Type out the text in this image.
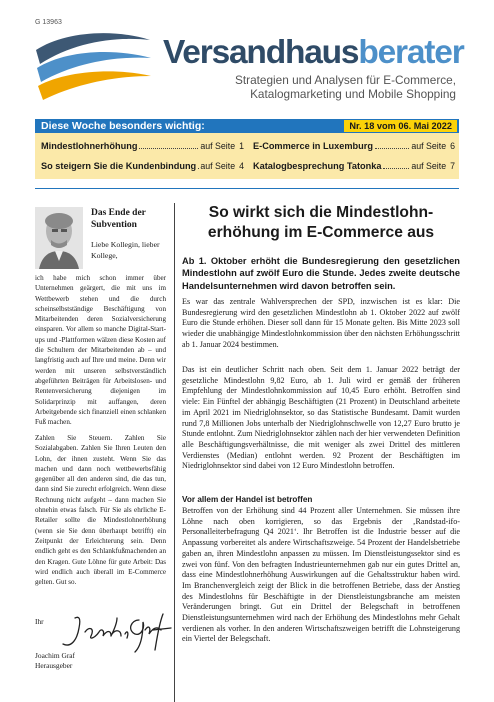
G 13963
Versandhausberater
Strategien und Analysen für E-Commerce,
Katalogmarketing und Mobile Shopping
Diese Woche besonders wichtig:	Nr. 18 vom 06. Mai 2022
Mindestlohnerhöhung	auf Seite 1 E-Commerce in Luxemburg	auf Seite 6
So steigern Sie die Kundenbindung auf Seite 4 Katalogbesprechung Tatonka	auf Seite 7
Das Ende der Subvention
Liebe Kollegin, lieber Kollege,

ich habe mich schon immer über Unternehmen geärgert, die mit uns im Wettbewerb stehen und die durch scheinselbstständige Beschäftigung von Mitarbeitenden deren Sozialversicherung einsparen. Vor allem so manche Digital-Start-ups und -Plattformen wälzen diese Kosten auf die Schultern der Mitarbeitenden ab – und langfristig auch auf Ihre und meine. Denn wir werden mit unseren selbstverständlich abgeführten Beiträgen für Arbeitslosen- und Rentenversicherung diejenigen im Solidarprinzip mit auffangen, deren Arbeitgebende sich finanziell einen schlanken Fuß machen.

Zahlen Sie Steuern. Zahlen Sie Sozialabgaben. Zahlen Sie Ihren Leuten den Lohn, der ihnen zusteht. Wenn Sie das machen und dann noch wettbewerbsfähig gegenüber all den anderen sind, die das tun, dann sind Sie zurecht erfolgreich. Wenn diese Rechnung nicht aufgeht – dann machen Sie ohnehin etwas falsch. Für Sie als ehrliche E-Retailer sollte die Mindestlohnerhöhung (wenn sie Sie denn überhaupt betrifft) ein Zeitpunkt der Erleichterung sein. Denn endlich geht es den Schlankfußmachenden an den Kragen. Gute Löhne für gute Arbeit: Das wird endlich auch überall im E-Commerce gelten. Gut so.

Ihr
Joachim Graf
Herausgeber
So wirkt sich die Mindestlohn-
erhöhung im E-Commerce aus

Ab 1. Oktober erhöht die Bundesregierung den gesetzlichen Mindestlohn auf zwölf Euro die Stunde. Jedes zweite deutsche Handelsunternehmen wird davon betroffen sein.

Es war das zentrale Wahlversprechen der SPD, inzwischen ist es klar: Die Bundesregierung wird den gesetzlichen Mindestlohn ab 1. Oktober 2022 auf zwölf Euro die Stunde erhöhen. Dieser soll dann für 15 Monate gelten. Bis Mitte 2023 soll wieder die unabhängige Mindestlohnkommission über den nächsten Erhöhungsschritt ab 1. Januar 2024 bestimmen.

Das ist ein deutlicher Schritt nach oben. Seit dem 1. Januar 2022 beträgt der gesetzliche Mindestlohn 9,82 Euro, ab 1. Juli wird er gemäß der früheren Empfehlung der Mindestlohnkommission auf 10,45 Euro erhöht. Betroffen sind viele: Ein Fünftel der abhängig Beschäftigten (21 Prozent) in Deutschland arbeitete im April 2021 im Niedriglohnsektor, so das Statistische Bundesamt. Damit wurden rund 7,8 Millionen Jobs unterhalb der Niedriglohnschwelle von 12,27 Euro brutto je Stunde entlohnt. Zum Niedriglohnsektor zählen nach der hier verwendeten Definition alle Beschäftigungsverhältnisse, die mit weniger als zwei Drittel des mittleren Verdienstes (Median) entlohnt werden. 92 Prozent der Beschäftigten im Niedriglohnsektor sind dabei von 12 Euro Mindestlohn betroffen.

Vor allem der Handel ist betroffen

Betroffen von der Erhöhung sind 44 Prozent aller Unternehmen. Sie müssen ihre Löhne nach oben korrigieren, so das Ergebnis der ‚Randstad-ifo-Personalleiterbefragung Q4 2021‘. Ihr Betroffen ist die Industrie besser auf die Anpassung vorbereitet als andere Wirtschaftszweige. 54 Prozent der Handelsbetriebe gaben an, ihren Mindestlohn anpassen zu müssen. Im Dienstleistungssektor sind es zwei von fünf. Von den befragten Industrieunternehmen gab nur ein gutes Drittel an, dass eine Mindestlohnerhöhung Auswirkungen auf die Gehaltsstruktur haben wird. Im Branchenvergleich zeigt der Blick in die betroffenen Betriebe, dass der Anstieg des Mindestlohns für Beschäftigte in der Dienstleistungsbranche am meisten Veränderungen bringt. Gut ein Drittel der Belegschaft in betroffenen Dienstleistungsunternehmen wird nach der Erhöhung des Mindestlohns mehr Gehalt verdienen als vorher. In den anderen Wirtschaftszweigen betrifft die Lohnsteigerung ein Viertel der Belegschaft.
